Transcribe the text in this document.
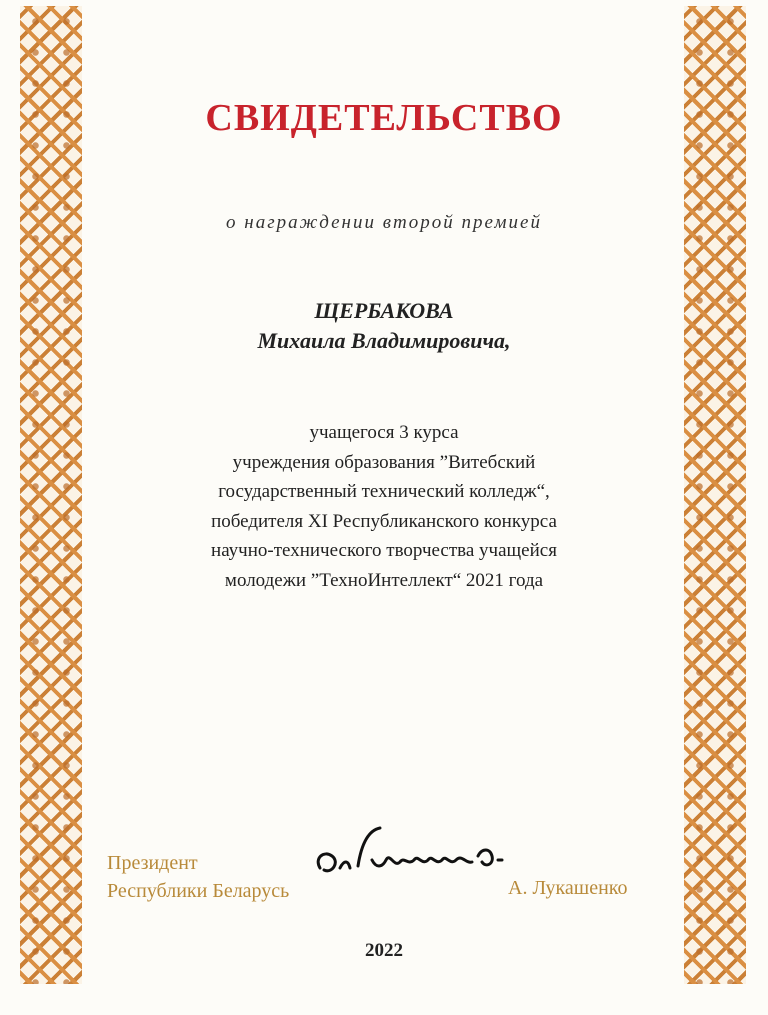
СВИДЕТЕЛЬСТВО
о награждении второй премией
ЩЕРБАКОВА
Михаила Владимировича,
учащегося 3 курса
учреждения образования ”Витебский
государственный технический колледж“,
победителя XI Республиканского конкурса
научно-технического творчества учащейся
молодежи ”ТехноИнтеллект“ 2021 года
Президент
Республики Беларусь	А. Лукашенко
2022
